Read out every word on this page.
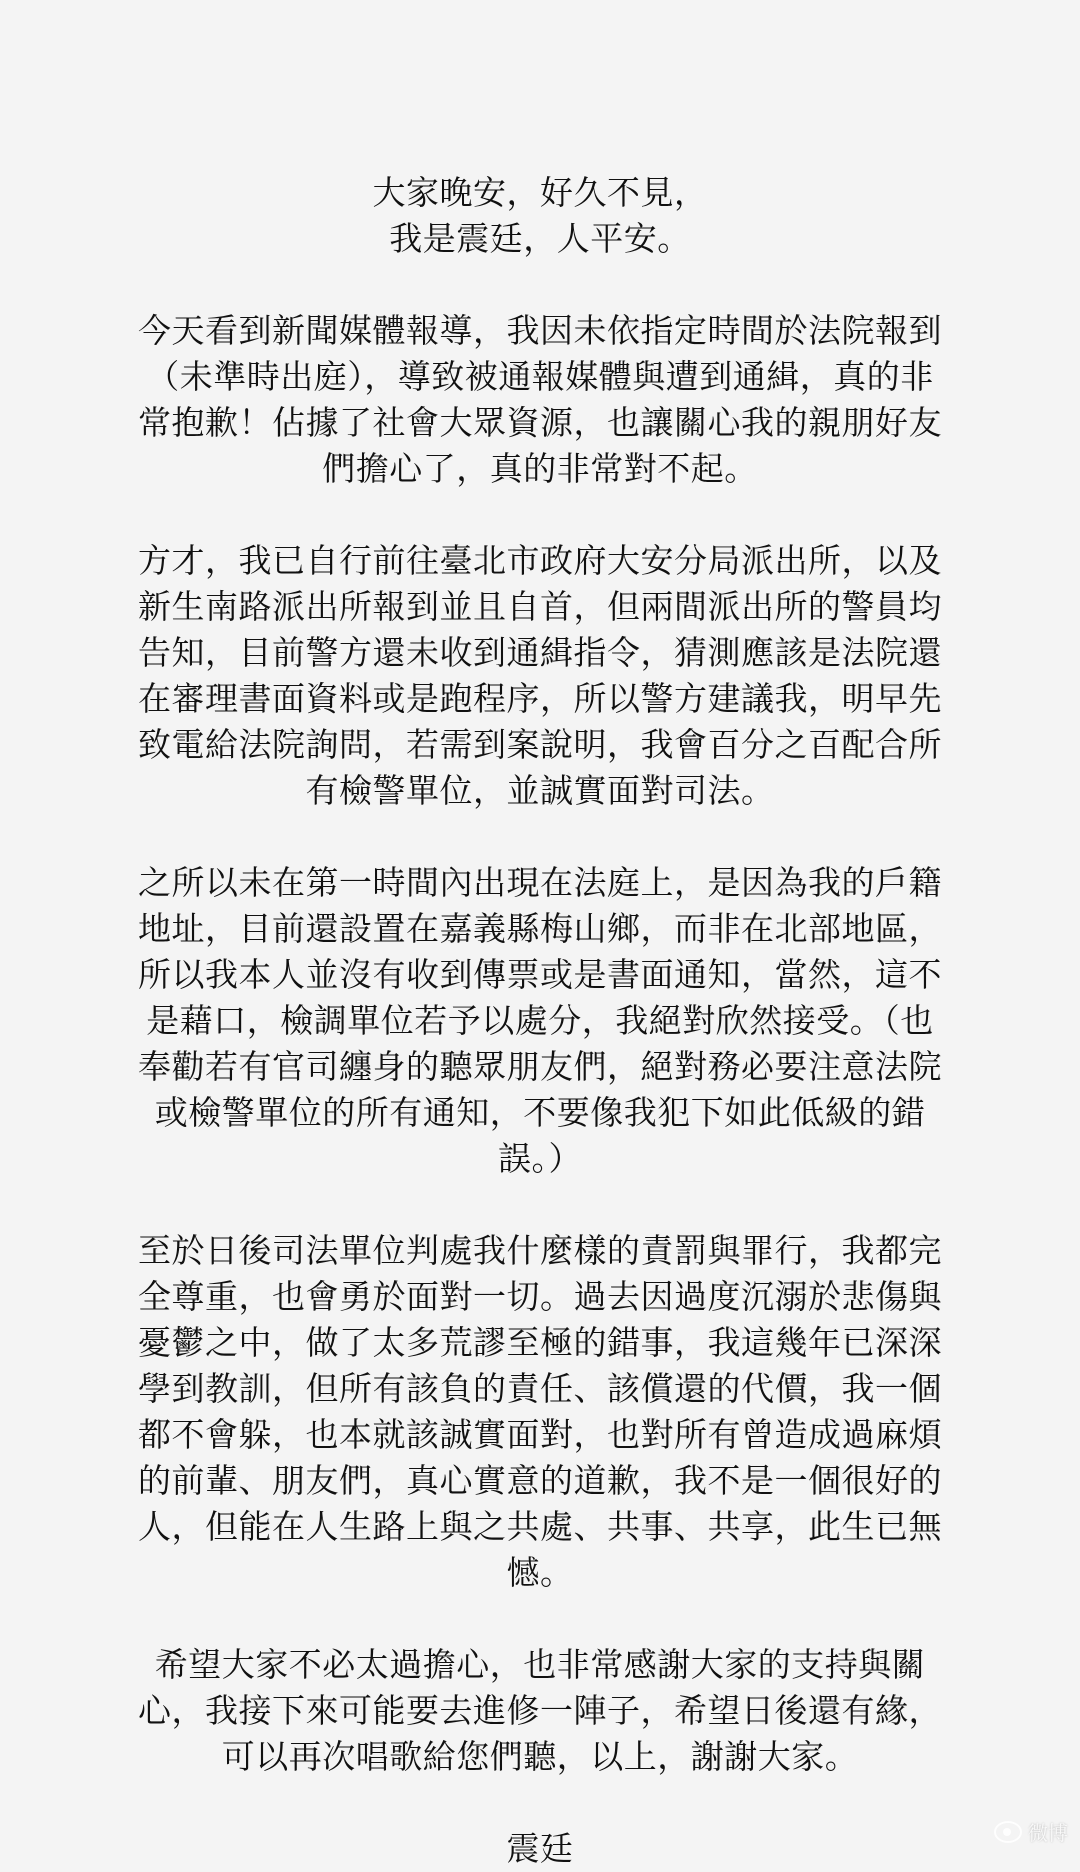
大家晚安，好久不見，
我是震廷，人平安。
今天看到新聞媒體報導，我因未依指定時間於法院報到
（未準時出庭），導致被通報媒體與遭到通緝，真的非
常抱歉！佔據了社會大眾資源，也讓關心我的親朋好友
們擔心了，真的非常對不起。
方才，我已自行前往臺北市政府大安分局派出所，以及
新生南路派出所報到並且自首，但兩間派出所的警員均
告知，目前警方還未收到通緝指令，猜測應該是法院還
在審理書面資料或是跑程序，所以警方建議我，明早先
致電給法院詢問，若需到案說明，我會百分之百配合所
有檢警單位，並誠實面對司法。
之所以未在第一時間內出現在法庭上，是因為我的戶籍
地址，目前還設置在嘉義縣梅山鄉，而非在北部地區，
所以我本人並沒有收到傳票或是書面通知，當然，這不
是藉口，檢調單位若予以處分，我絕對欣然接受。（也
奉勸若有官司纏身的聽眾朋友們，絕對務必要注意法院
或檢警單位的所有通知，不要像我犯下如此低級的錯
誤。）
至於日後司法單位判處我什麼樣的責罰與罪行，我都完
全尊重，也會勇於面對一切。過去因過度沉溺於悲傷與
憂鬱之中，做了太多荒謬至極的錯事，我這幾年已深深
學到教訓，但所有該負的責任、該償還的代價，我一個
都不會躲，也本就該誠實面對，也對所有曾造成過麻煩
的前輩、朋友們，真心實意的道歉，我不是一個很好的
人，但能在人生路上與之共處、共事、共享，此生已無
憾。
希望大家不必太過擔心，也非常感謝大家的支持與關
心，我接下來可能要去進修一陣子，希望日後還有緣，
可以再次唱歌給您們聽，以上，謝謝大家。
震廷	微博
